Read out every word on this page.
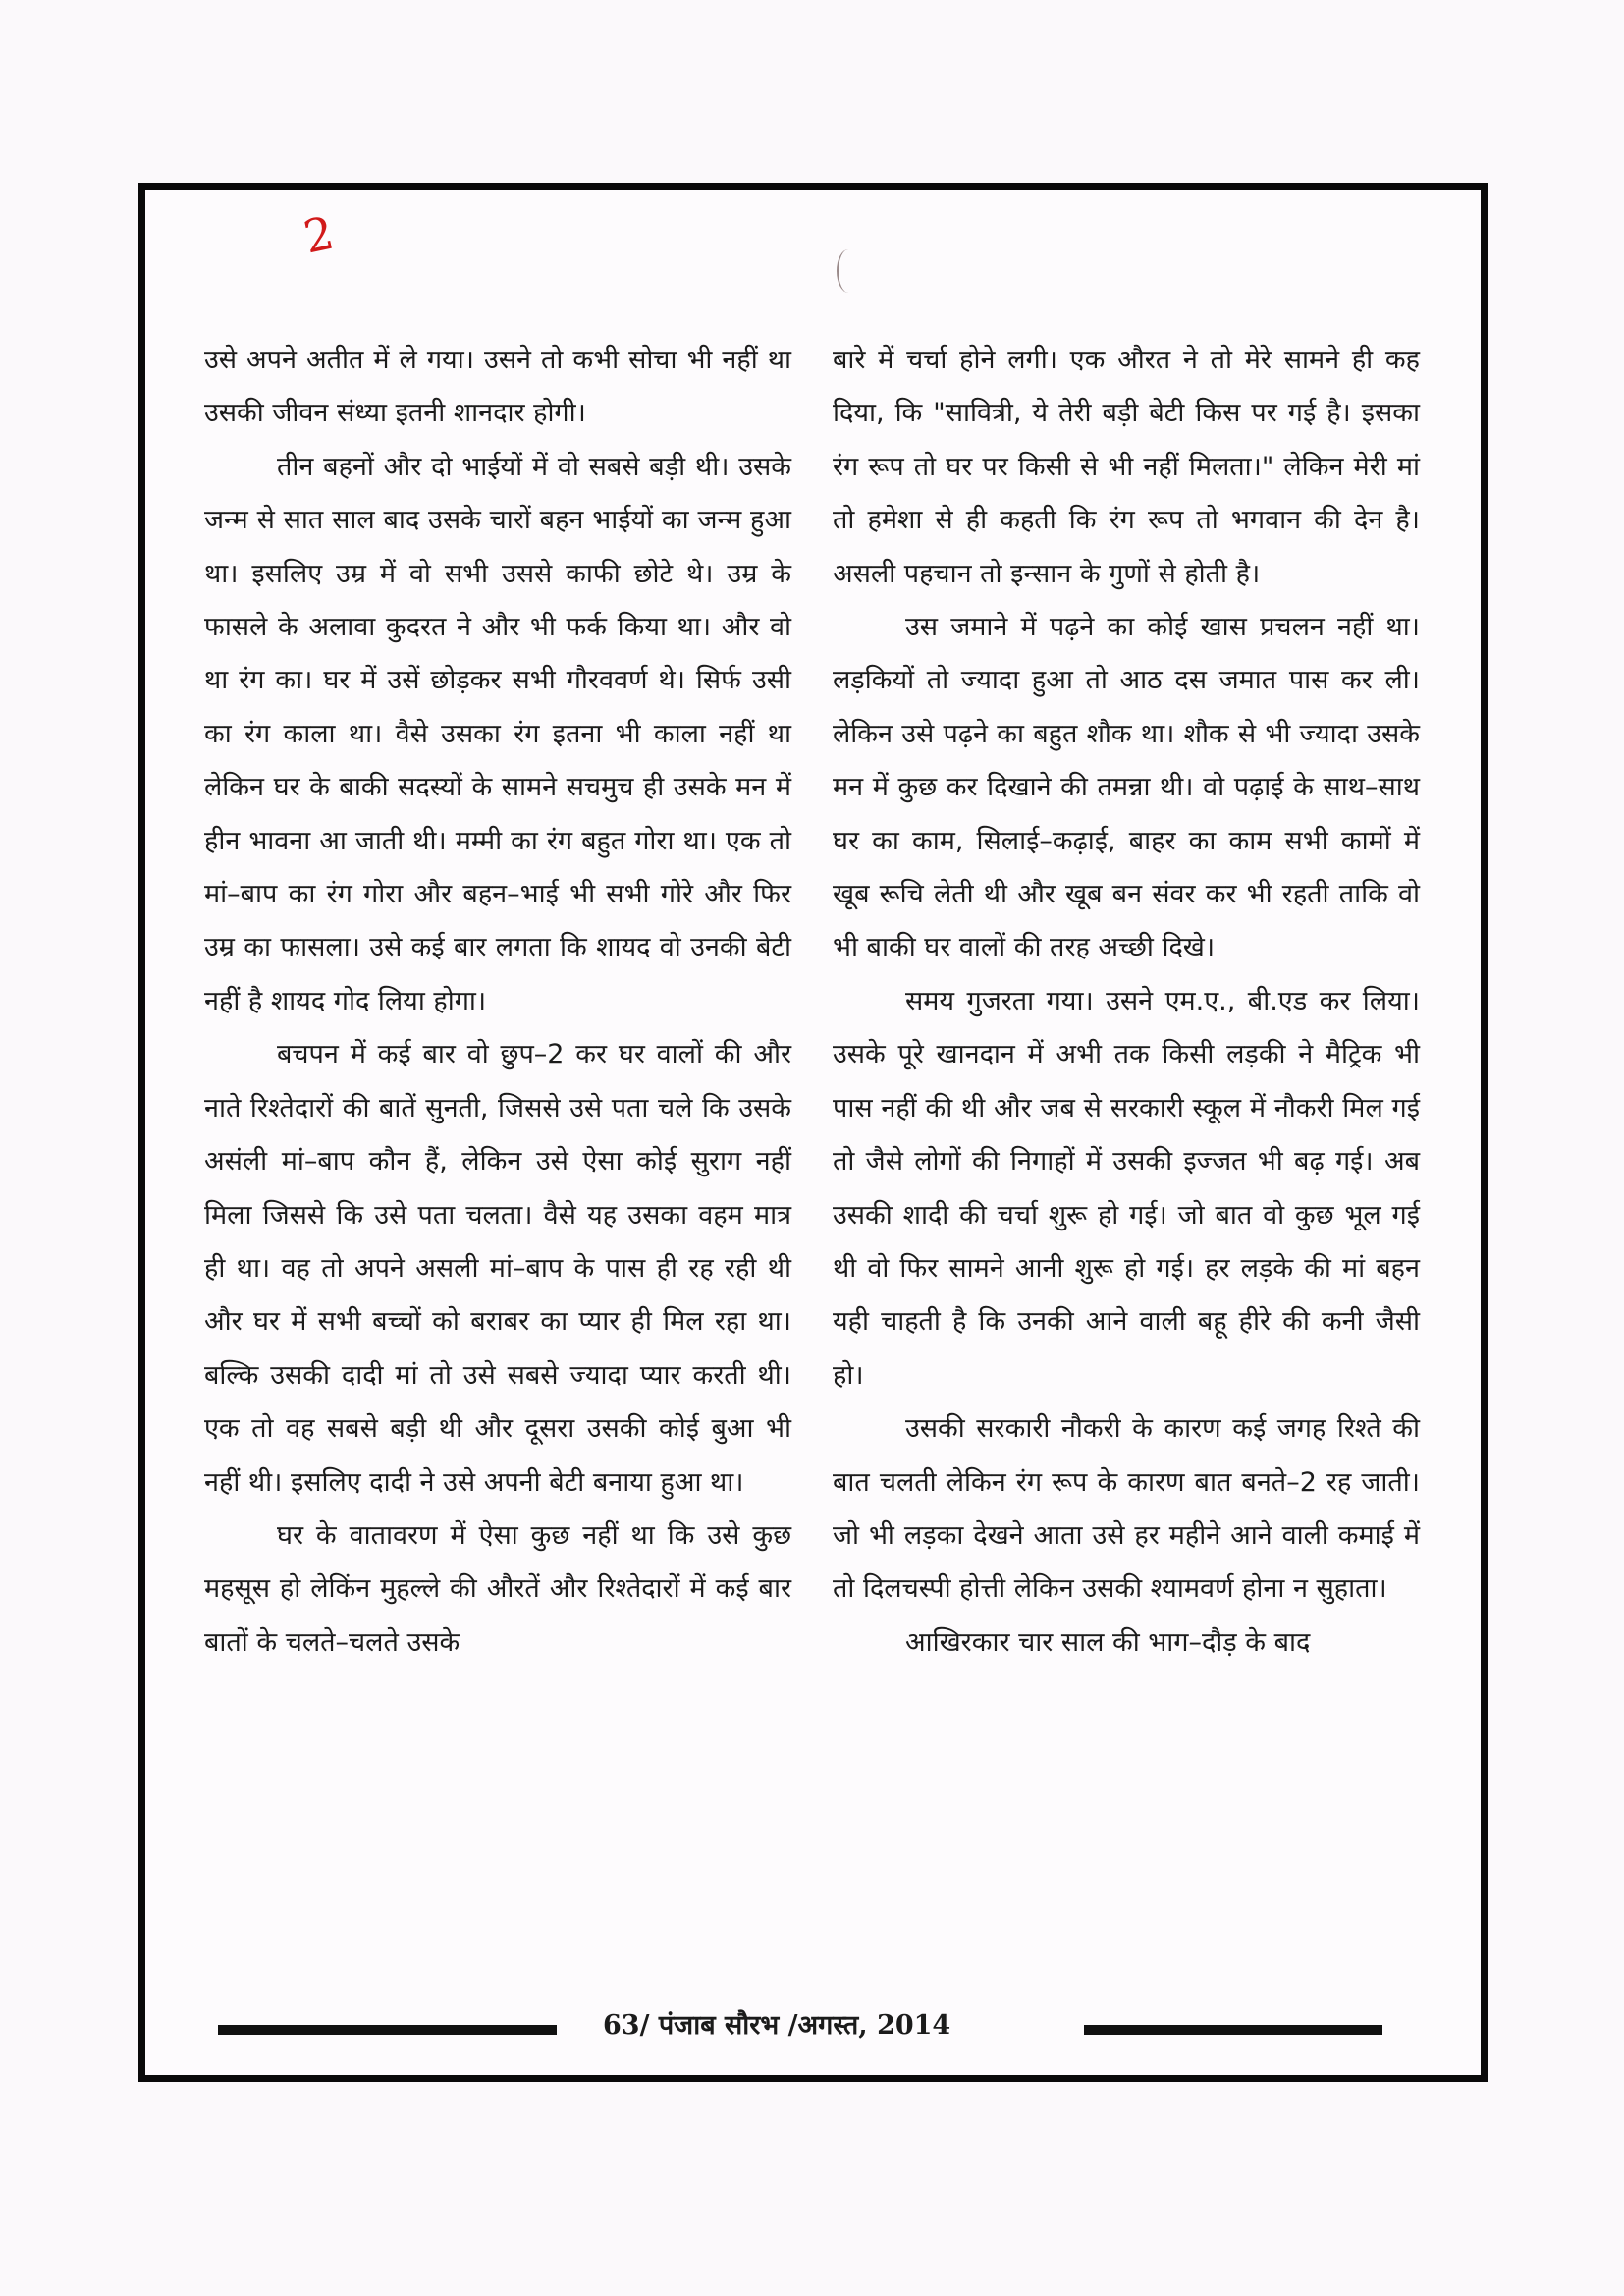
2

उसे अपने अतीत में ले गया। उसने तो कभी सोचा भी नहीं था उसकी जीवन संध्या इतनी शानदार होगी।

तीन बहनों और दो भाईयों में वो सबसे बड़ी थी। उसके जन्म से सात साल बाद उसके चारों बहन भाईयों का जन्म हुआ था। इसलिए उम्र में वो सभी उससे काफी छोटे थे। उम्र के फासले के अलावा कुदरत ने और भी फर्क किया था। और वो था रंग का। घर में उसें छोड़कर सभी गौरववर्ण थे। सिर्फ उसी का रंग काला था। वैसे उसका रंग इतना भी काला नहीं था लेकिन घर के बाकी सदस्यों के सामने सचमुच ही उसके मन में हीन भावना आ जाती थी। मम्मी का रंग बहुत गोरा था। एक तो मां–बाप का रंग गोरा और बहन–भाई भी सभी गोरे और फिर उम्र का फासला। उसे कई बार लगता कि शायद वो उनकी बेटी नहीं है शायद गोद लिया होगा।

बचपन में कई बार वो छुप–2 कर घर वालों की और नाते रिश्तेदारों की बातें सुनती, जिससे उसे पता चले कि उसके असंली मां–बाप कौन हैं, लेकिन उसे ऐसा कोई सुराग नहीं मिला जिससे कि उसे पता चलता। वैसे यह उसका वहम मात्र ही था। वह तो अपने असली मां–बाप के पास ही रह रही थी और घर में सभी बच्चों को बराबर का प्यार ही मिल रहा था। बल्कि उसकी दादी मां तो उसे सबसे ज्यादा प्यार करती थी। एक तो वह सबसे बड़ी थी और दूसरा उसकी कोई बुआ भी नहीं थी। इसलिए दादी ने उसे अपनी बेटी बनाया हुआ था।

घर के वातावरण में ऐसा कुछ नहीं था कि उसे कुछ महसूस हो लेकिंन मुहल्ले की औरतें और रिश्तेदारों में कई बार बातों के चलते–चलते उसके

बारे में चर्चा होने लगी। एक औरत ने तो मेरे सामने ही कह दिया, कि "सावित्री, ये तेरी बड़ी बेटी किस पर गई है। इसका रंग रूप तो घर पर किसी से भी नहीं मिलता।" लेकिन मेरी मां तो हमेशा से ही कहती कि रंग रूप तो भगवान की देन है। असली पहचान तो इन्सान के गुणों से होती है।

उस जमाने में पढ़ने का कोई खास प्रचलन नहीं था। लड़कियों तो ज्यादा हुआ तो आठ दस जमात पास कर ली। लेकिन उसे पढ़ने का बहुत शौक था। शौक से भी ज्यादा उसके मन में कुछ कर दिखाने की तमन्ना थी। वो पढ़ाई के साथ–साथ घर का काम, सिलाई–कढ़ाई, बाहर का काम सभी कामों में खूब रूचि लेती थी और खूब बन संवर कर भी रहती ताकि वो भी बाकी घर वालों की तरह अच्छी दिखे।

समय गुजरता गया। उसने एम.ए., बी.एड कर लिया। उसके पूरे खानदान में अभी तक किसी लड़की ने मैट्रिक भी पास नहीं की थी और जब से सरकारी स्कूल में नौकरी मिल गई तो जैसे लोगों की निगाहों में उसकी इज्जत भी बढ़ गई। अब उसकी शादी की चर्चा शुरू हो गई। जो बात वो कुछ भूल गई थी वो फिर सामने आनी शुरू हो गई। हर लड़के की मां बहन यही चाहती है कि उनकी आने वाली बहू हीरे की कनी जैसी हो।

उसकी सरकारी नौकरी के कारण कई जगह रिश्ते की बात चलती लेकिन रंग रूप के कारण बात बनते–2 रह जाती। जो भी लड़का देखने आता उसे हर महीने आने वाली कमाई में तो दिलचस्पी होत्ती लेकिन उसकी श्यामवर्ण होना न सुहाता।

आखिरकार चार साल की भाग–दौड़ के बाद

63/ पंजाब सौरभ /अगस्त, 2014
